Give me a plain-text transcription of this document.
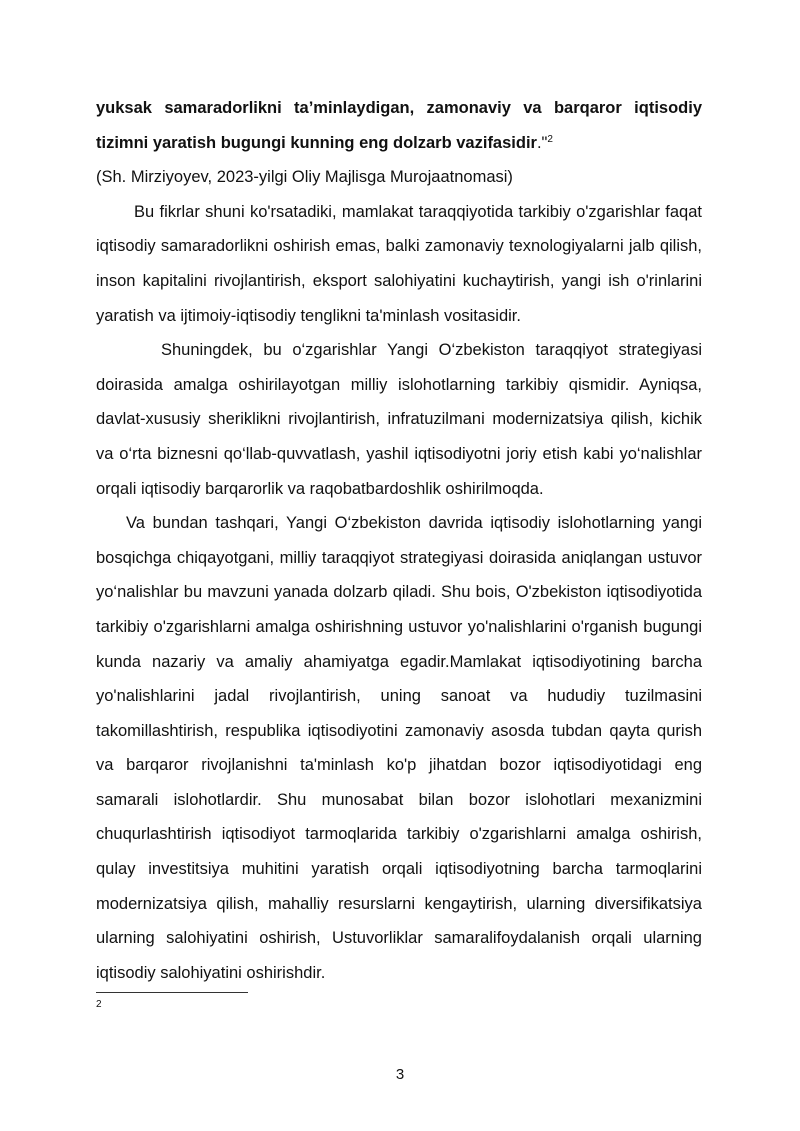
yuksak samaradorlikni ta’minlaydigan, zamonaviy va barqaror iqtisodiy tizimni yaratish bugungi kunning eng dolzarb vazifasidir."$^2$

(Sh. Mirziyoyev, 2023-yilgi Oliy Majlisga Murojaatnomasi)

Bu fikrlar shuni ko'rsatadiki, mamlakat taraqqiyotida tarkibiy o'zgarishlar faqat iqtisodiy samaradorlikni oshirish emas, balki zamonaviy texnologiyalarni jalb qilish, inson kapitalini rivojlantirish, eksport salohiyatini kuchaytirish, yangi ish o'rinlarini yaratish va ijtimoiy-iqtisodiy tenglikni ta'minlash vositasidir.

Shuningdek, bu o‘zgarishlar Yangi O‘zbekiston taraqqiyot strategiyasi doirasida amalga oshirilayotgan milliy islohotlarning tarkibiy qismidir. Ayniqsa, davlat-xususiy sheriklikni rivojlantirish, infratuzilmani modernizatsiya qilish, kichik va o‘rta biznesni qo‘llab-quvvatlash, yashil iqtisodiyotni joriy etish kabi yo‘nalishlar orqali iqtisodiy barqarorlik va raqobatbardoshlik oshirilmoqda.

Va bundan tashqari, Yangi O‘zbekiston davrida iqtisodiy islohotlarning yangi bosqichga chiqayotgani, milliy taraqqiyot strategiyasi doirasida aniqlangan ustuvor yo‘nalishlar bu mavzuni yanada dolzarb qiladi. Shu bois, O'zbekiston iqtisodiyotida tarkibiy o'zgarishlarni amalga oshirishning ustuvor yo'nalishlarini o'rganish bugungi kunda nazariy va amaliy ahamiyatga egadir.Mamlakat iqtisodiyotining barcha yo'nalishlarini jadal rivojlantirish, uning sanoat va hududiy tuzilmasini takomillashtirish, respublika iqtisodiyotini zamonaviy asosda tubdan qayta qurish va barqaror rivojlanishni ta'minlash ko'p jihatdan bozor iqtisodiyotidagi eng samarali islohotlardir. Shu munosabat bilan bozor islohotlari mexanizmini chuqurlashtirish iqtisodiyot tarmoqlarida tarkibiy o'zgarishlarni amalga oshirish, qulay investitsiya muhitini yaratish orqali iqtisodiyotning barcha tarmoqlarini modernizatsiya qilish, mahalliy resurslarni kengaytirish, ularning diversifikatsiya ularning salohiyatini oshirish, Ustuvorliklar samaralifoydalanish orqali ularning iqtisodiy salohiyatini oshirishdir.

2
3
